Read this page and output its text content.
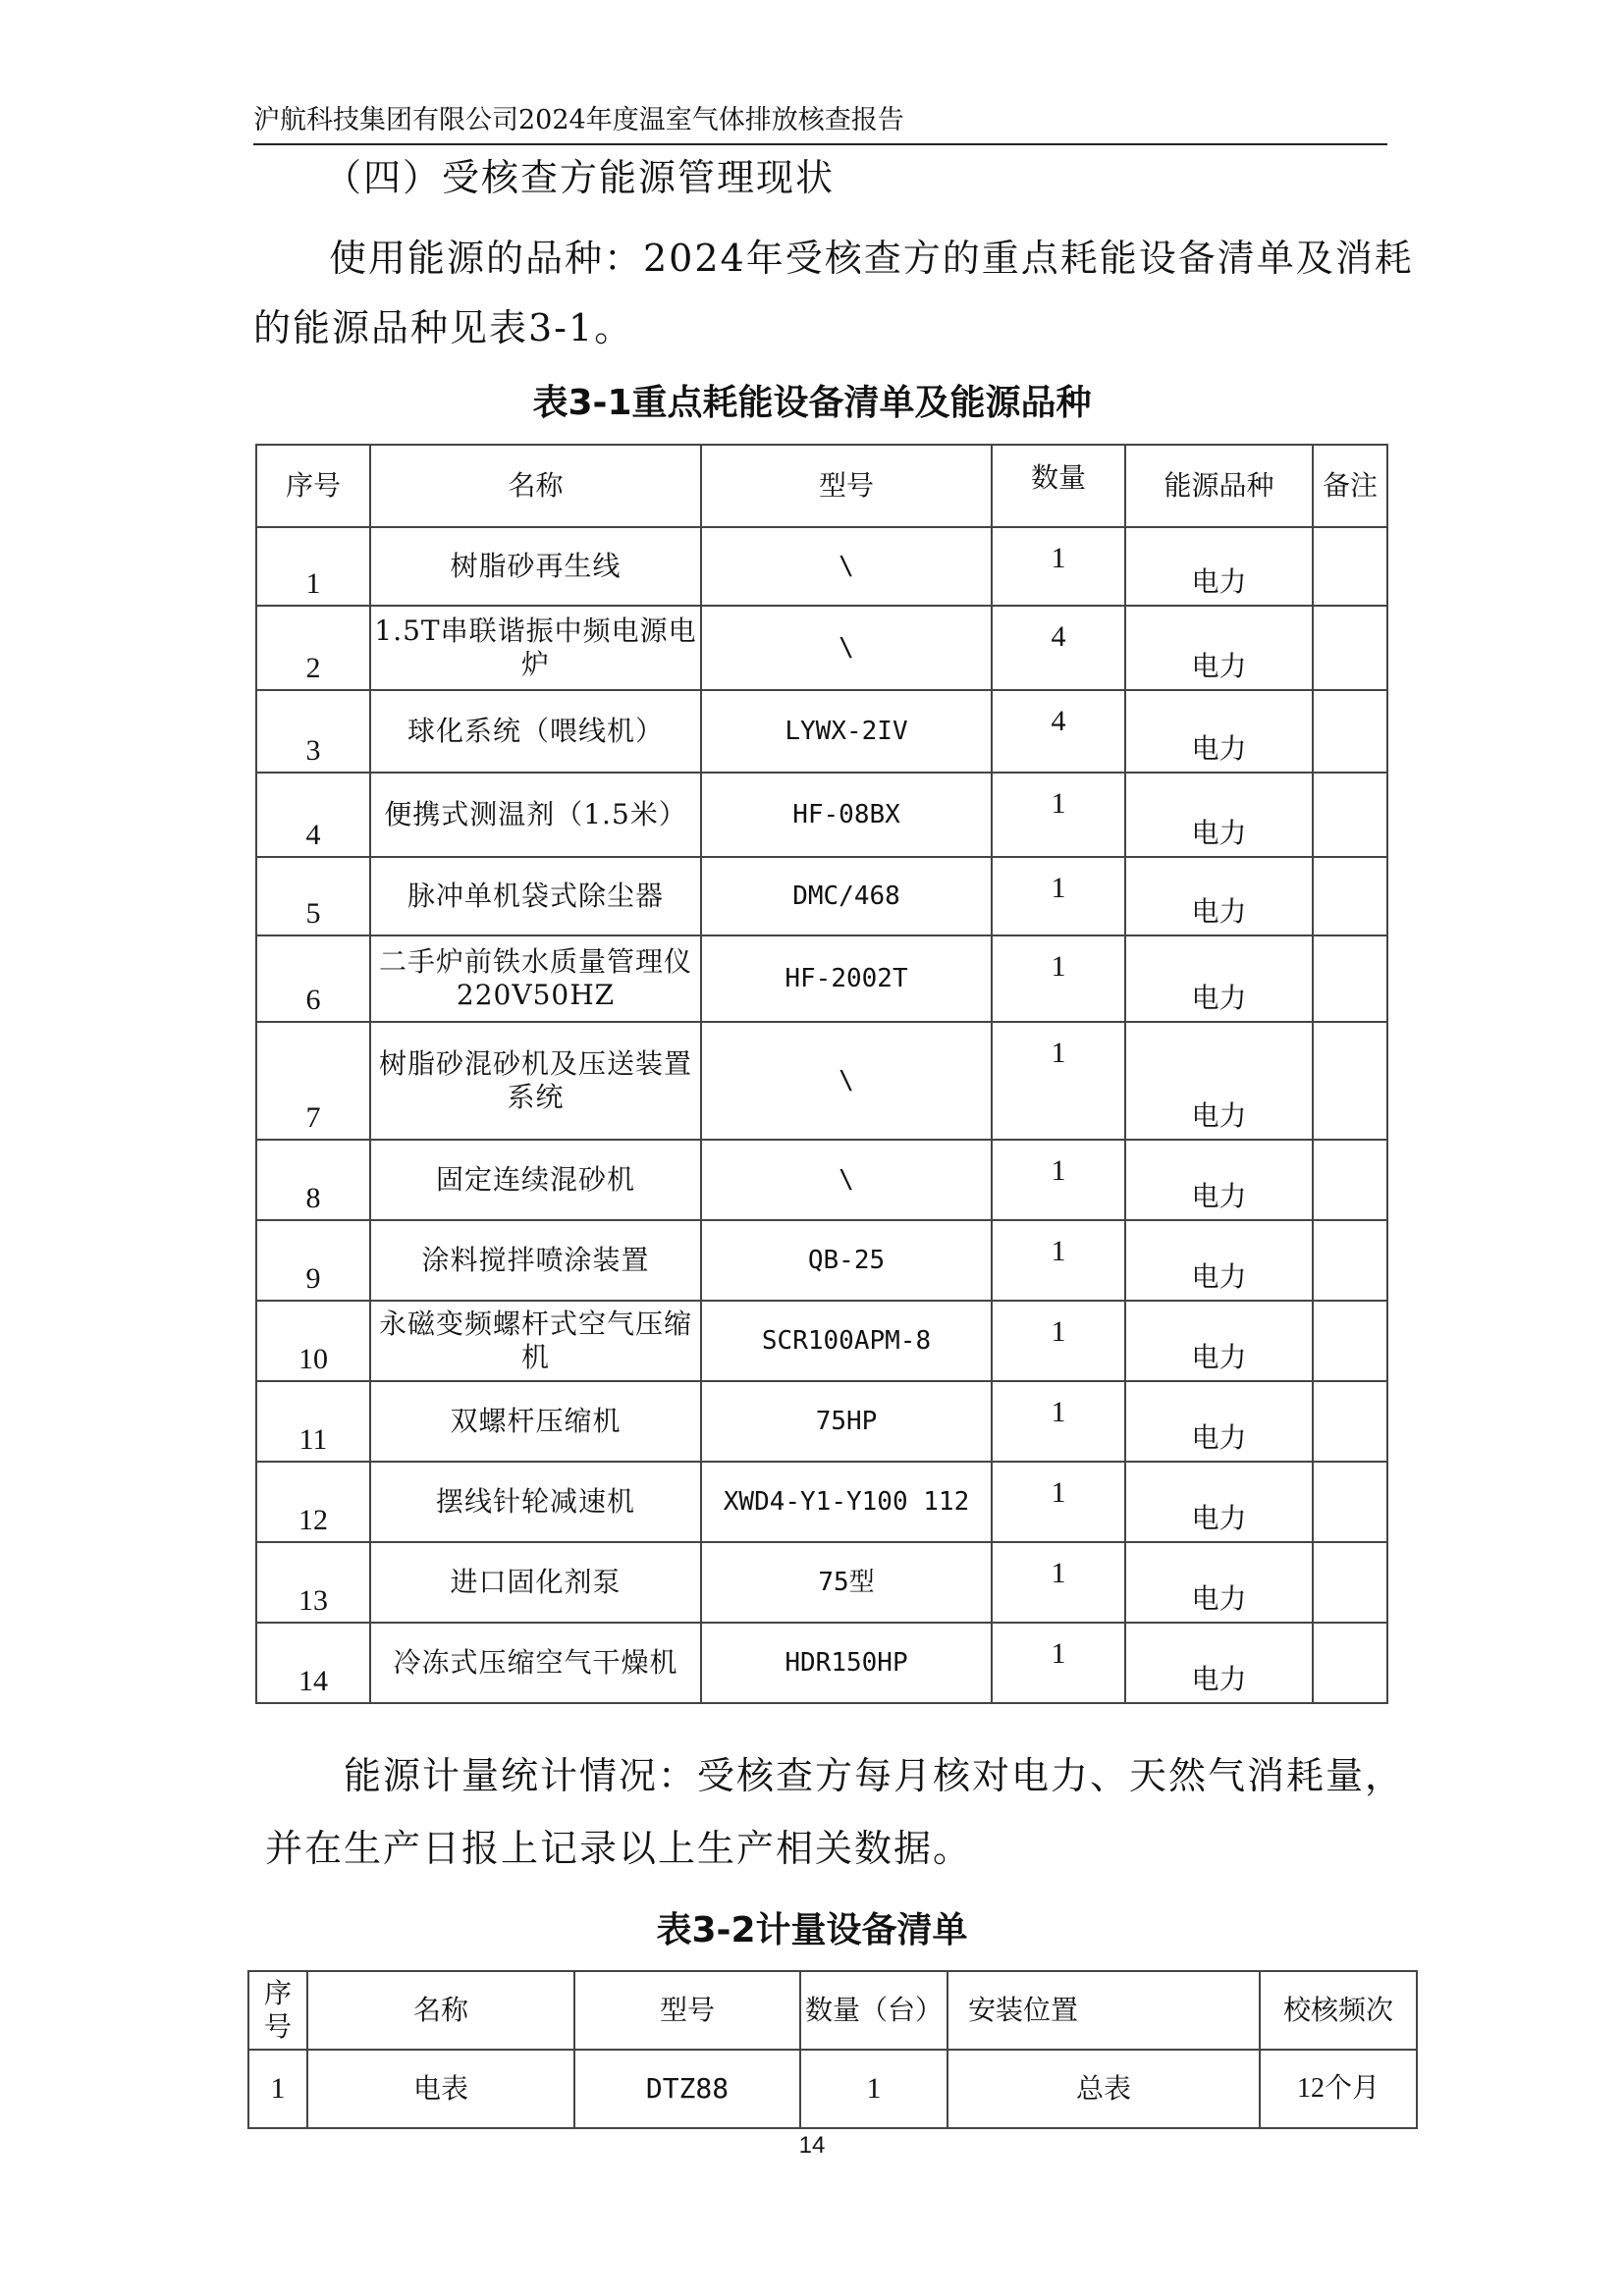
沪航科技集团有限公司2024年度温室气体排放核查报告
（四）受核查方能源管理现状
使用能源的品种：2024年受核查方的重点耗能设备清单及消耗
的能源品种见表3-1。
表3-1重点耗能设备清单及能源品种
序号	名称	型号	数量	能源品种	备注
1	树脂砂再生线	\	1	电力	
2	1.5T串联谐振中频电源电炉	\	4	电力	
3	球化系统（喂线机）	LYWX-2IV	4	电力	
4	便携式测温剂（1.5米）	HF-08BX	1	电力	
5	脉冲单机袋式除尘器	DMC/468	1	电力	
6	二手炉前铁水质量管理仪220V50HZ	HF-2002T	1	电力	
7	树脂砂混砂机及压送装置系统	\	1	电力	
8	固定连续混砂机	\	1	电力	
9	涂料搅拌喷涂装置	QB-25	1	电力	
10	永磁变频螺杆式空气压缩机	SCR100APM-8	1	电力	
11	双螺杆压缩机	75HP	1	电力	
12	摆线针轮减速机	XWD4-Y1-Y100 112	1	电力	
13	进口固化剂泵	75型	1	电力	
14	冷冻式压缩空气干燥机	HDR150HP	1	电力	
能源计量统计情况：受核查方每月核对电力、天然气消耗量，
并在生产日报上记录以上生产相关数据。
表3-2计量设备清单
序号	名称	型号	数量（台）	安装位置	校核频次
1	电表	DTZ88	1	总表	12个月
14
